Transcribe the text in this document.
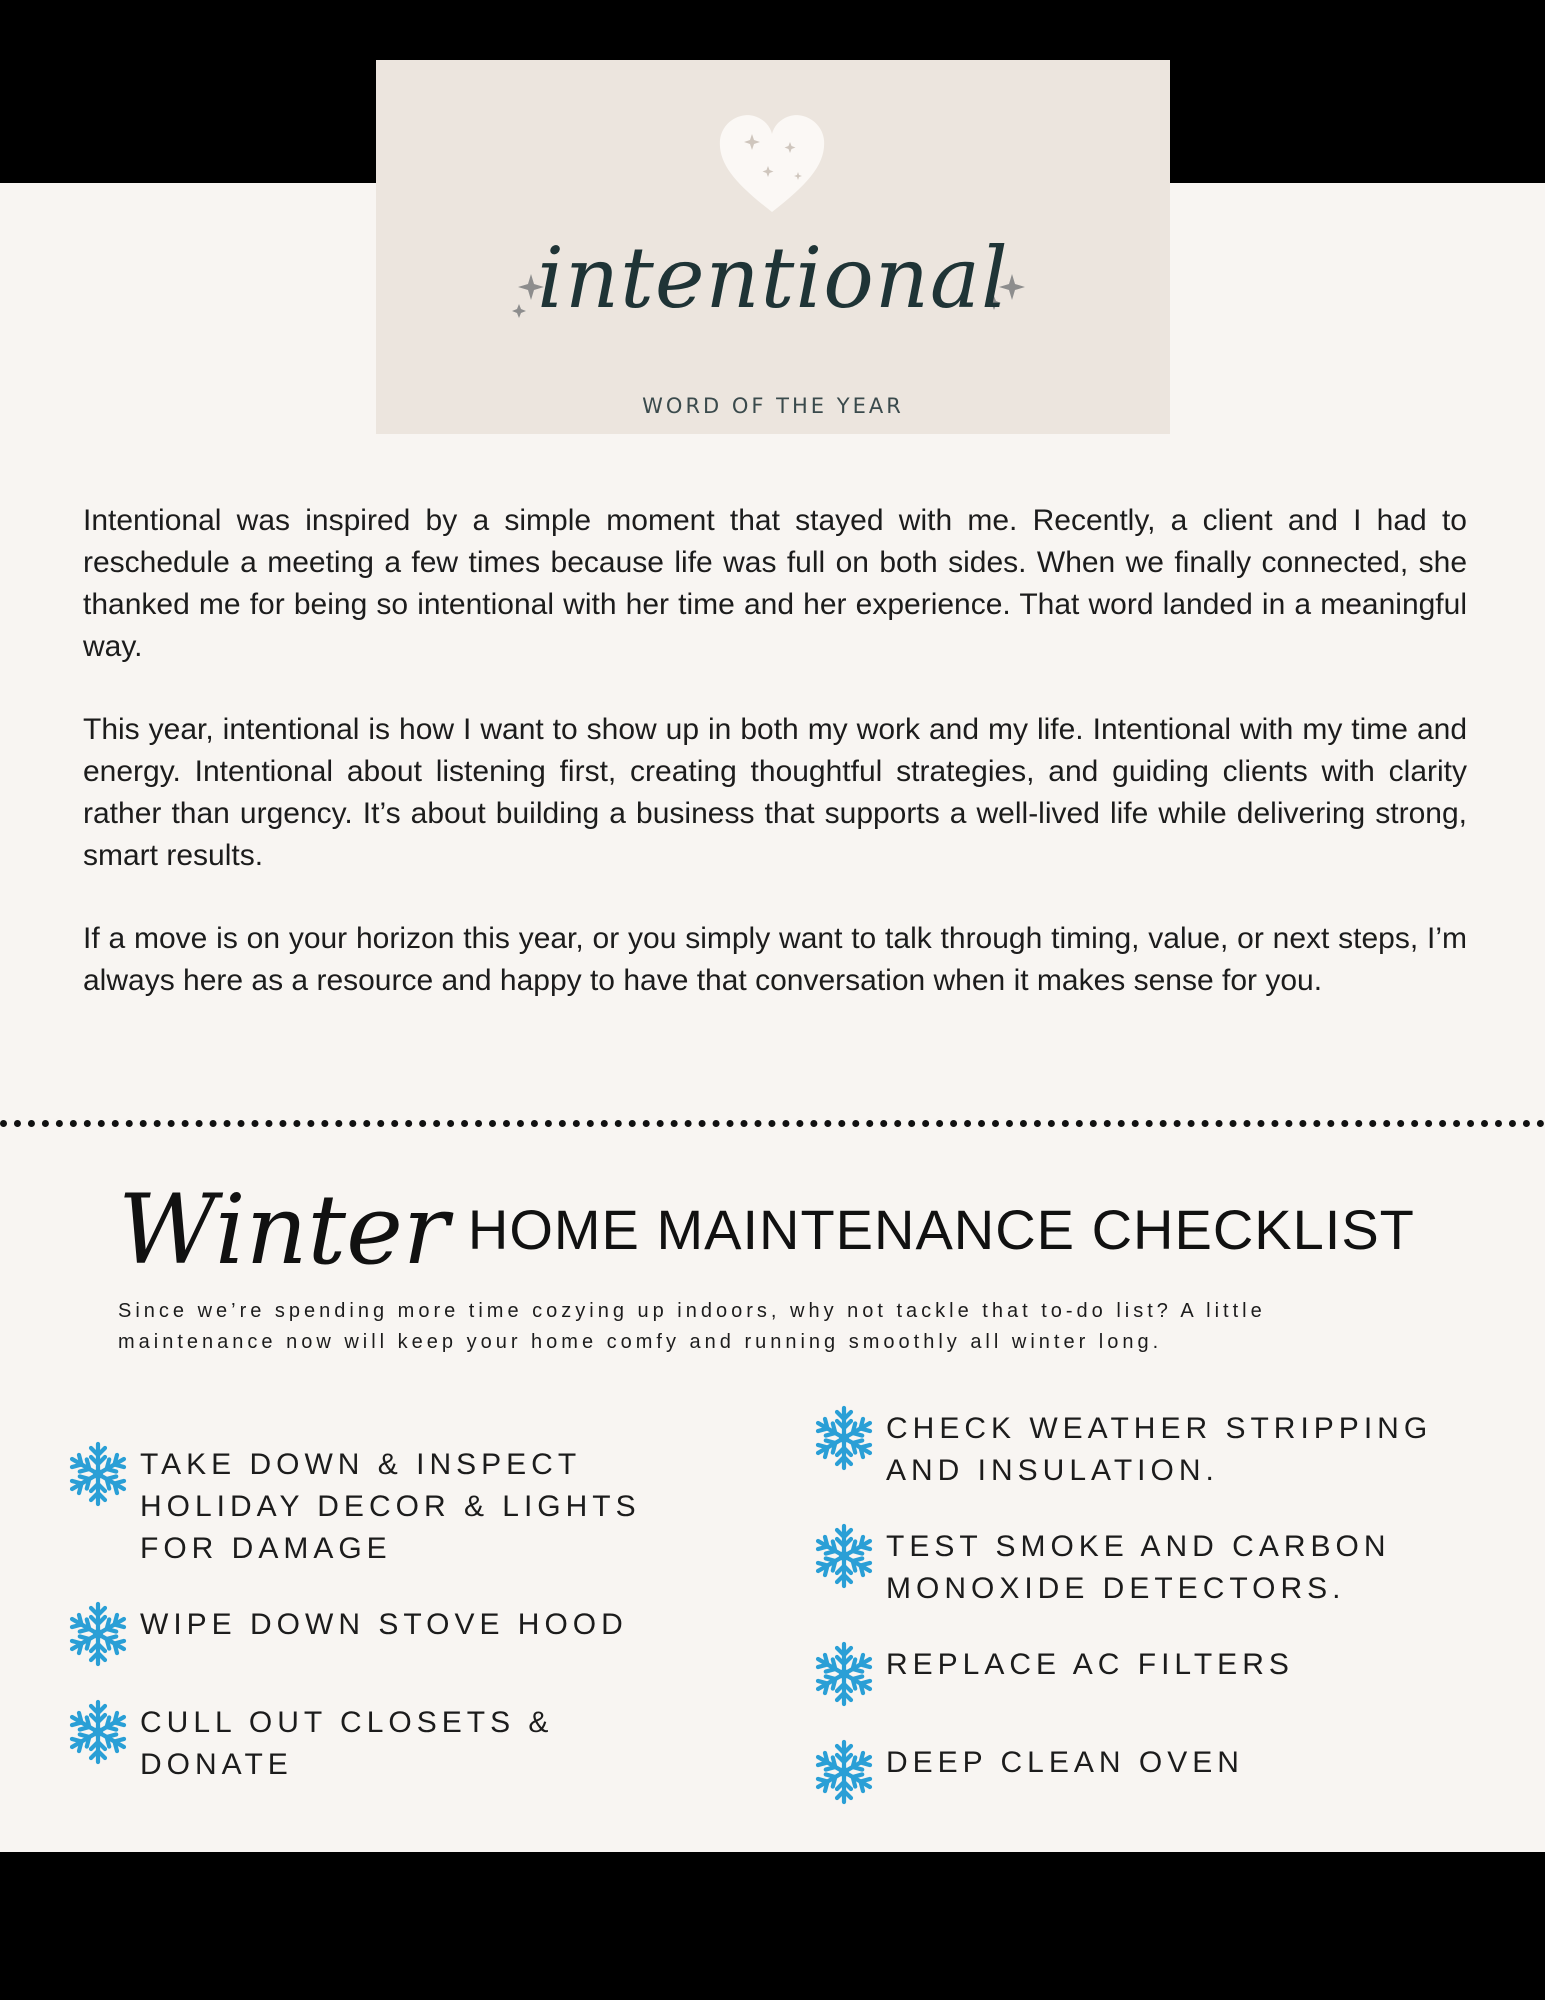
intentional
WORD OF THE YEAR

Intentional was inspired by a simple moment that stayed with me. Recently, a client and I had to reschedule a meeting a few times because life was full on both sides. When we finally connected, she thanked me for being so intentional with her time and her experience. That word landed in a meaningful way.

This year, intentional is how I want to show up in both my work and my life. Intentional with my time and energy. Intentional about listening first, creating thoughtful strategies, and guiding clients with clarity rather than urgency. It’s about building a business that supports a well-lived life while delivering strong, smart results.

If a move is on your horizon this year, or you simply want to talk through timing, value, or next steps, I’m always here as a resource and happy to have that conversation when it makes sense for you.

Winter HOME MAINTENANCE CHECKLIST
Since we’re spending more time cozying up indoors, why not tackle that to-do list? A little maintenance now will keep your home comfy and running smoothly all winter long.
TAKE DOWN & INSPECT HOLIDAY DECOR & LIGHTS FOR DAMAGE
WIPE DOWN STOVE HOOD
CULL OUT CLOSETS & DONATE
CHECK WEATHER STRIPPING AND INSULATION.
TEST SMOKE AND CARBON MONOXIDE DETECTORS.
REPLACE AC FILTERS
DEEP CLEAN OVEN
